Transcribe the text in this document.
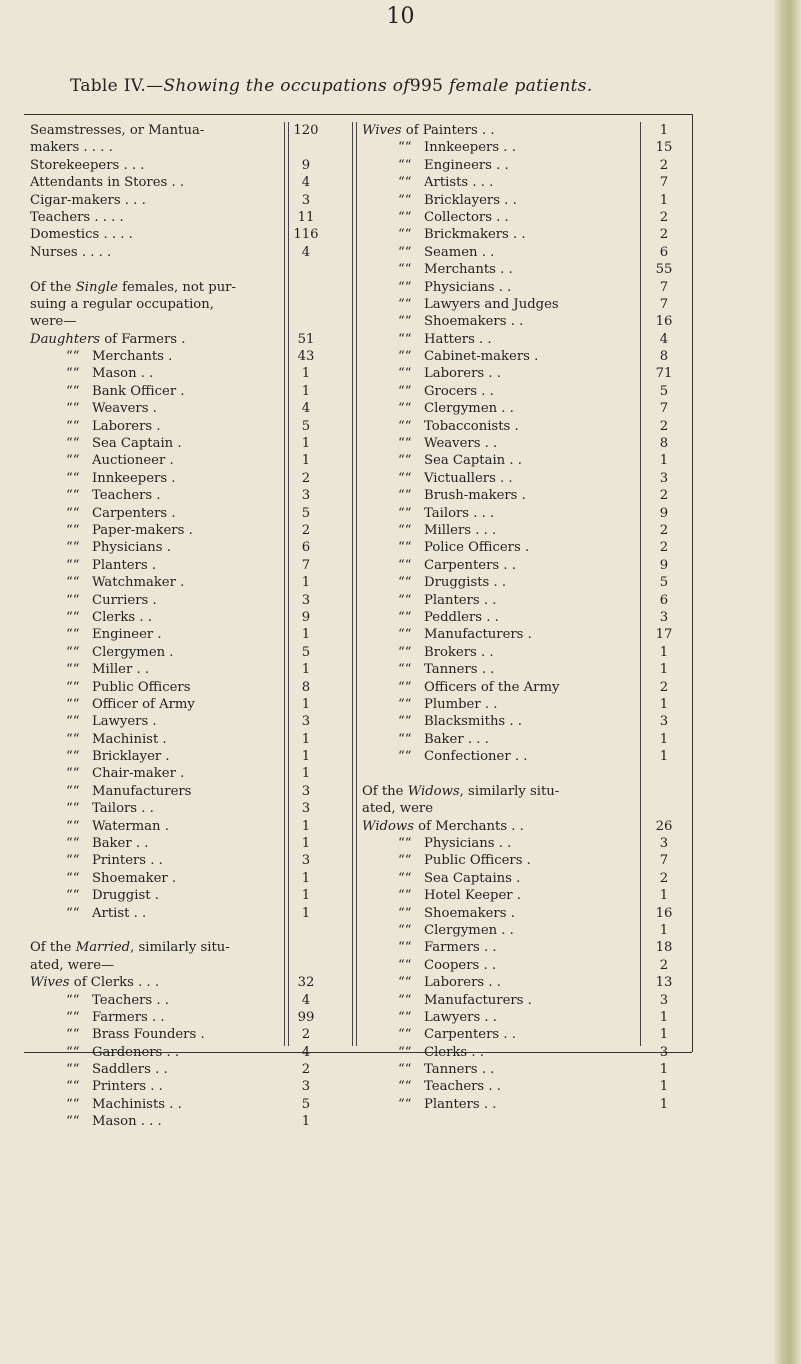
10
Table IV.—Showing the occupations of995 female patients.
Seamstresses, or Mantua-	120
makers . . . .
Storekeepers . . .	9
Attendants in Stores . .	4
Cigar-makers . . .	3
Teachers . . . .	11
Domestics . . . .	116
Nurses . . . .	4
Of the Single females, not pur-
suing a regular occupation,
were—
Daughters of Farmers .	51
““ Merchants .	43
““ Mason . .	1
““ Bank Officer .	1
““ Weavers .	4
““ Laborers .	5
““ Sea Captain .	1
““ Auctioneer .	1
““ Innkeepers .	2
““ Teachers .	3
““ Carpenters .	5
““ Paper-makers .	2
““ Physicians .	6
““ Planters .	7
““ Watchmaker .	1
““ Curriers .	3
““ Clerks . .	9
““ Engineer .	1
““ Clergymen .	5
““ Miller . .	1
““ Public Officers	8
““ Officer of Army	1
““ Lawyers .	3
““ Machinist .	1
““ Bricklayer .	1
““ Chair-maker .	1
““ Manufacturers	3
““ Tailors . .	3
““ Waterman .	1
““ Baker . .	1
““ Printers . .	3
““ Shoemaker .	1
““ Druggist .	1
““ Artist . .	1
Of the Married, similarly situ-
ated, were—
Wives of Clerks . . .	32
““ Teachers . .	4
““ Farmers . .	99
““ Brass Founders .	2
““ Gardeners . .	4
““ Saddlers . .	2
““ Printers . .	3
““ Machinists . .	5
““ Mason . . .	1
Wives of Painters . .	1
““ Innkeepers . .	15
““ Engineers . .	2
““ Artists . . .	7
““ Bricklayers . .	1
““ Collectors . .	2
““ Brickmakers . .	2
““ Seamen . .	6
““ Merchants . .	55
““ Physicians . .	7
““ Lawyers and Judges	7
““ Shoemakers . .	16
““ Hatters . .	4
““ Cabinet-makers .	8
““ Laborers . .	71
““ Grocers . .	5
““ Clergymen . .	7
““ Tobacconists .	2
““ Weavers . .	8
““ Sea Captain . .	1
““ Victuallers . .	3
““ Brush-makers .	2
““ Tailors . . .	9
““ Millers . . .	2
““ Police Officers .	2
““ Carpenters . .	9
““ Druggists . .	5
““ Planters . .	6
““ Peddlers . .	3
““ Manufacturers .	17
““ Brokers . .	1
““ Tanners . .	1
““ Officers of the Army	2
““ Plumber . .	1
““ Blacksmiths . .	3
““ Baker . . .	1
““ Confectioner . .	1
Of the Widows, similarly situ-
ated, were
Widows of Merchants . .	26
““ Physicians . .	3
““ Public Officers .	7
““ Sea Captains .	2
““ Hotel Keeper .	1
““ Shoemakers .	16
““ Clergymen . .	1
““ Farmers . .	18
““ Coopers . .	2
““ Laborers . .	13
““ Manufacturers .	3
““ Lawyers . .	1
““ Carpenters . .	1
““ Clerks . .	3
““ Tanners . .	1
““ Teachers . .	1
““ Planters . .	1
